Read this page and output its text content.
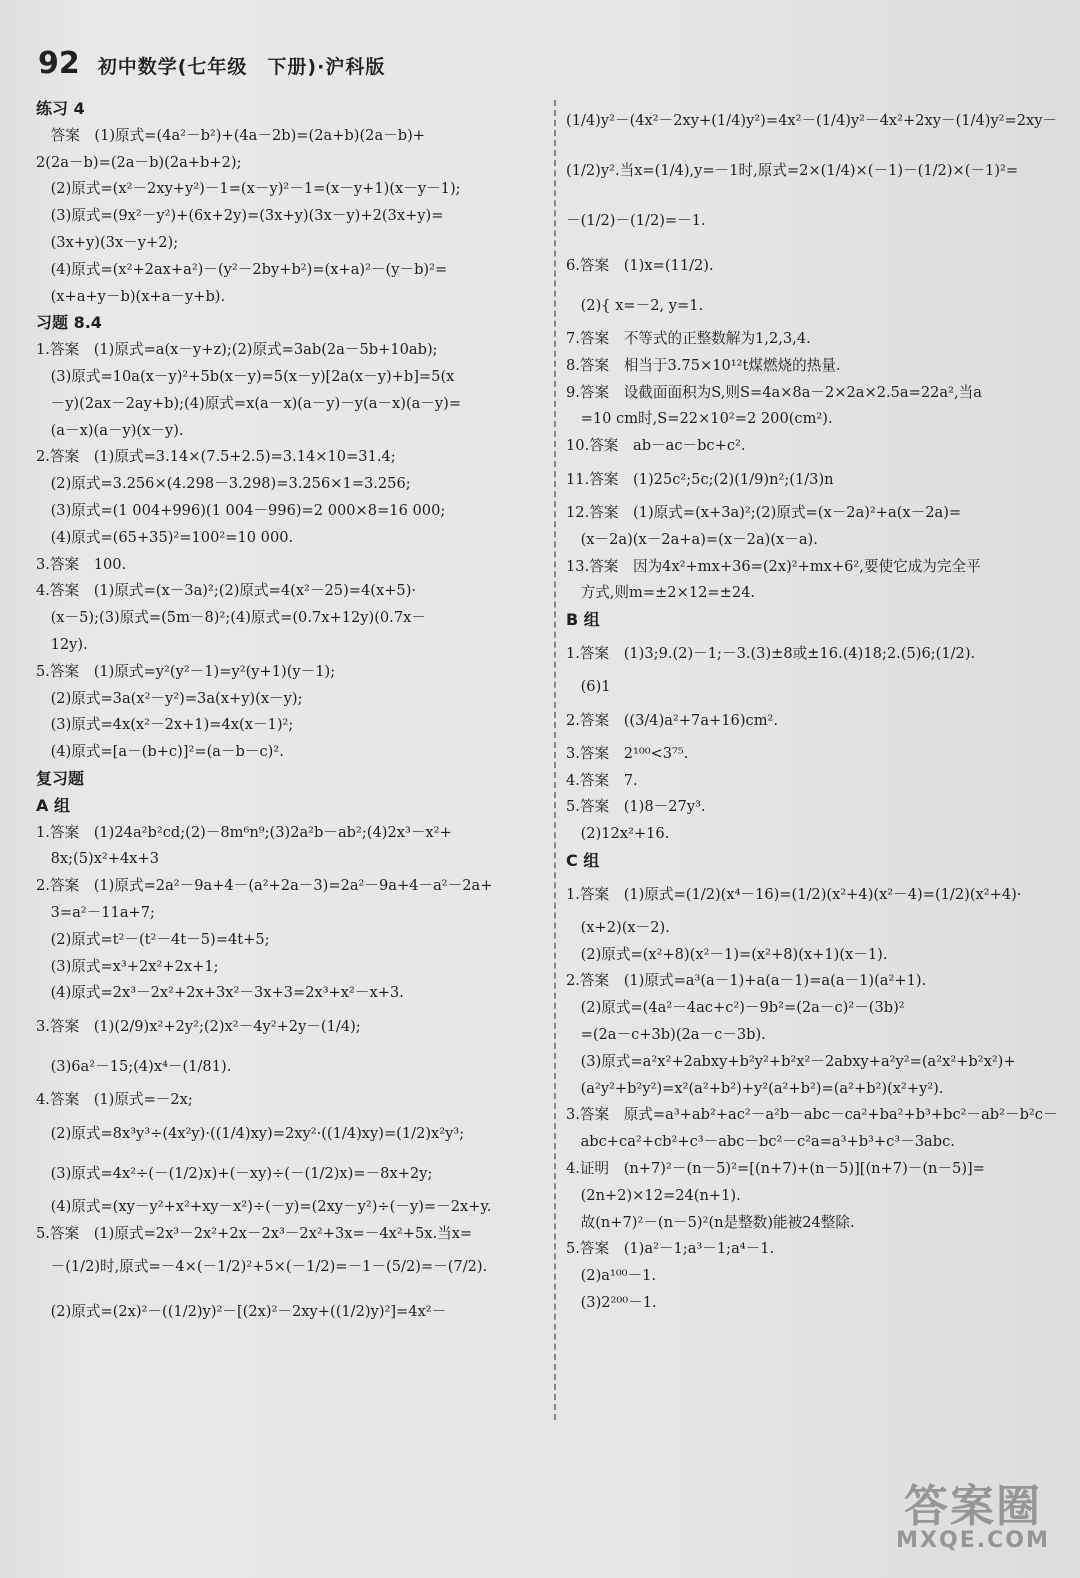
92 初中数学(七年级　下册)·沪科版
练习 4
　答案　(1)原式=(4a²－b²)+(4a－2b)=(2a+b)(2a－b)+
2(2a－b)=(2a－b)(2a+b+2);
　(2)原式=(x²－2xy+y²)－1=(x－y)²－1=(x－y+1)(x－y－1);
　(3)原式=(9x²－y²)+(6x+2y)=(3x+y)(3x－y)+2(3x+y)=
　(3x+y)(3x－y+2);
　(4)原式=(x²+2ax+a²)－(y²－2by+b²)=(x+a)²－(y－b)²=
　(x+a+y－b)(x+a－y+b).
习题 8.4
1.答案　(1)原式=a(x－y+z);(2)原式=3ab(2a－5b+10ab);
　(3)原式=10a(x－y)²+5b(x－y)=5(x－y)[2a(x－y)+b]=5(x
　－y)(2ax－2ay+b);(4)原式=x(a－x)(a－y)－y(a－x)(a－y)=
　(a－x)(a－y)(x－y).
2.答案　(1)原式=3.14×(7.5+2.5)=3.14×10=31.4;
　(2)原式=3.256×(4.298－3.298)=3.256×1=3.256;
　(3)原式=(1 004+996)(1 004－996)=2 000×8=16 000;
　(4)原式=(65+35)²=100²=10 000.
3.答案　100.
4.答案　(1)原式=(x－3a)²;(2)原式=4(x²－25)=4(x+5)·
　(x－5);(3)原式=(5m－8)²;(4)原式=(0.7x+12y)(0.7x－
　12y).
5.答案　(1)原式=y²(y²－1)=y²(y+1)(y－1);
　(2)原式=3a(x²－y²)=3a(x+y)(x－y);
　(3)原式=4x(x²－2x+1)=4x(x－1)²;
　(4)原式=[a－(b+c)]²=(a－b－c)².
复习题
A 组
1.答案　(1)24a²b²cd;(2)－8m⁶n⁹;(3)2a²b－ab²;(4)2x³－x²+
　8x;(5)x²+4x+3
2.答案　(1)原式=2a²－9a+4－(a²+2a－3)=2a²－9a+4－a²－2a+
　3=a²－11a+7;
　(2)原式=t²－(t²－4t－5)=4t+5;
　(3)原式=x³+2x²+2x+1;
　(4)原式=2x³－2x²+2x+3x²－3x+3=2x³+x²－x+3.
3.答案　(1)(2/9)x²+2y²;(2)x²－4y²+2y－(1/4);
　(3)6a²－15;(4)x⁴－(1/81).
4.答案　(1)原式=－2x;
　(2)原式=8x³y³÷(4x²y)·((1/4)xy)=2xy²·((1/4)xy)=(1/2)x²y³;
　(3)原式=4x²÷(－(1/2)x)+(－xy)÷(－(1/2)x)=－8x+2y;
　(4)原式=(xy－y²+x²+xy－x²)÷(－y)=(2xy－y²)÷(－y)=－2x+y.
5.答案　(1)原式=2x³－2x²+2x－2x³－2x²+3x=－4x²+5x.当x=
　－(1/2)时,原式=－4×(－1/2)²+5×(－1/2)=－1－(5/2)=－(7/2).
　(2)原式=(2x)²－((1/2)y)²－[(2x)²－2xy+((1/2)y)²]=4x²－
(1/4)y²－(4x²－2xy+(1/4)y²)=4x²－(1/4)y²－4x²+2xy－(1/4)y²=2xy－
(1/2)y².当x=(1/4),y=－1时,原式=2×(1/4)×(－1)－(1/2)×(－1)²=
－(1/2)－(1/2)=－1.
6.答案　(1)x=(11/2).
　(2){ x=－2, y=1.
7.答案　不等式的正整数解为1,2,3,4.
8.答案　相当于3.75×10¹²t煤燃烧的热量.
9.答案　设截面面积为S,则S=4a×8a－2×2a×2.5a=22a²,当a
　=10 cm时,S=22×10²=2 200(cm²).
10.答案　ab－ac－bc+c².
11.答案　(1)25c²;5c;(2)(1/9)n²;(1/3)n
12.答案　(1)原式=(x+3a)²;(2)原式=(x－2a)²+a(x－2a)=
　(x－2a)(x－2a+a)=(x－2a)(x－a).
13.答案　因为4x²+mx+36=(2x)²+mx+6²,要使它成为完全平
　方式,则m=±2×12=±24.
B 组
1.答案　(1)3;9.(2)－1;－3.(3)±8或±16.(4)18;2.(5)6;(1/2).
　(6)1
2.答案　((3/4)a²+7a+16)cm².
3.答案　2¹⁰⁰<3⁷⁵.
4.答案　7.
5.答案　(1)8－27y³.
　(2)12x²+16.
C 组
1.答案　(1)原式=(1/2)(x⁴－16)=(1/2)(x²+4)(x²－4)=(1/2)(x²+4)·
　(x+2)(x－2).
　(2)原式=(x²+8)(x²－1)=(x²+8)(x+1)(x－1).
2.答案　(1)原式=a³(a－1)+a(a－1)=a(a－1)(a²+1).
　(2)原式=(4a²－4ac+c²)－9b²=(2a－c)²－(3b)²
　=(2a－c+3b)(2a－c－3b).
　(3)原式=a²x²+2abxy+b²y²+b²x²－2abxy+a²y²=(a²x²+b²x²)+
　(a²y²+b²y²)=x²(a²+b²)+y²(a²+b²)=(a²+b²)(x²+y²).
3.答案　原式=a³+ab²+ac²－a²b－abc－ca²+ba²+b³+bc²－ab²－b²c－
　abc+ca²+cb²+c³－abc－bc²－c²a=a³+b³+c³－3abc.
4.证明　(n+7)²－(n－5)²=[(n+7)+(n－5)][(n+7)－(n－5)]=
　(2n+2)×12=24(n+1).
　故(n+7)²－(n－5)²(n是整数)能被24整除.
5.答案　(1)a²－1;a³－1;a⁴－1.
　(2)a¹⁰⁰－1.
　(3)2²⁰⁰－1.
答案圈
MXQE.COM
